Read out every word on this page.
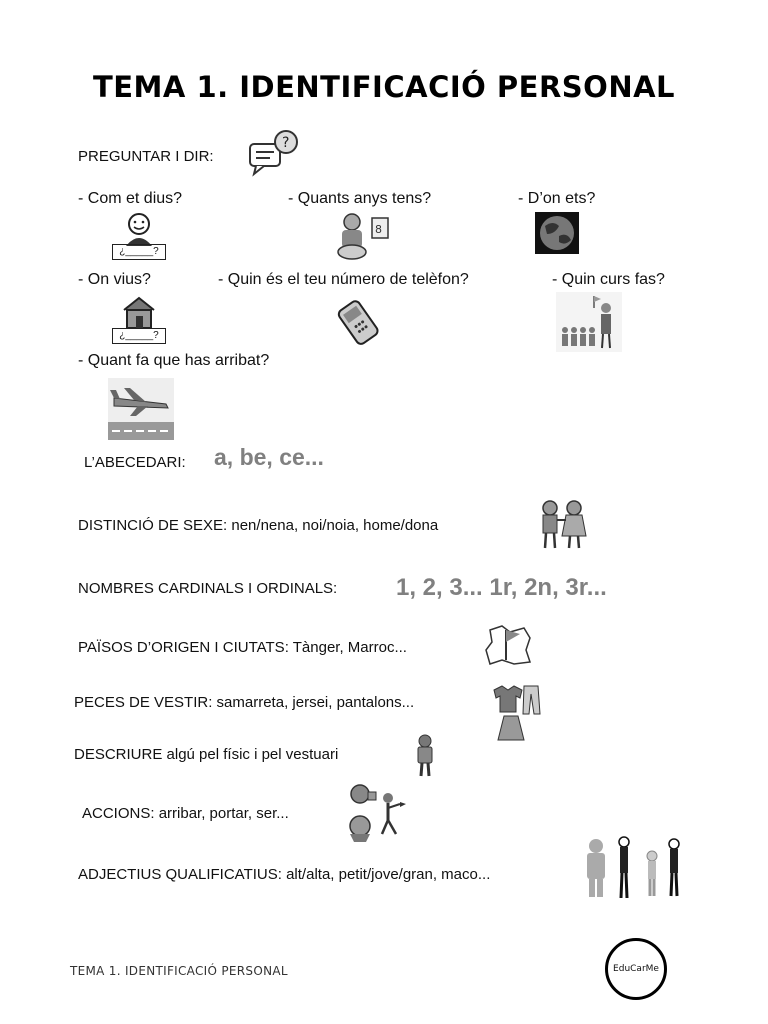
TEMA 1. IDENTIFICACIÓ PERSONAL
PREGUNTAR I DIR:
?
- Com et dius?	- Quants anys tens?	- D’on ets?
¿_____?
8
- On vius?	- Quin és el teu número de telèfon?	- Quin curs fas?
¿_____?
- Quant fa que has arribat?
L’ABECEDARI: a, be, ce...
DISTINCIÓ DE SEXE: nen/nena, noi/noia, home/dona
NOMBRES CARDINALS I ORDINALS: 1, 2, 3... 1r, 2n, 3r...
PAÏSOS D’ORIGEN I CIUTATS: Tànger, Marroc...
PECES DE VESTIR: samarreta, jersei, pantalons...
DESCRIURE algú pel físic i pel vestuari
ACCIONS: arribar, portar, ser...
ADJECTIUS QUALIFICATIUS: alt/alta, petit/jove/gran, maco...
TEMA 1. IDENTIFICACIÓ PERSONAL	EduCarMe
